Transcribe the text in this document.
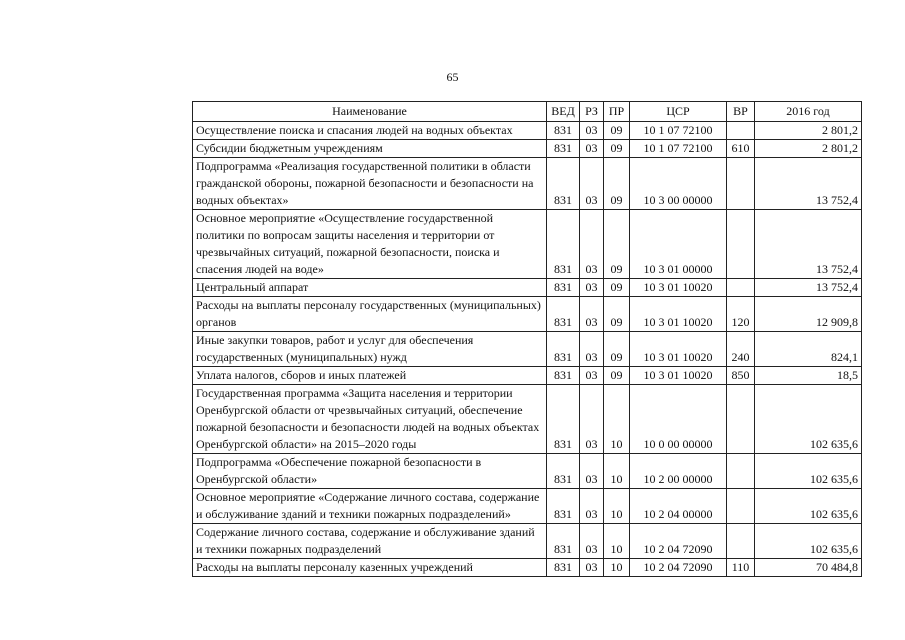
65
Наименование	ВЕД	РЗ	ПР	ЦСР	ВР	2016 год
Осуществление поиска и спасания людей на водных объектах	831	03	09	10 1 07 72100		2 801,2
Субсидии бюджетным учреждениям	831	03	09	10 1 07 72100	610	2 801,2
Подпрограмма «Реализация государственной политики в области гражданской обороны, пожарной безопасности и безопасности на водных объектах»	831	03	09	10 3 00 00000		13 752,4
Основное мероприятие «Осуществление государственной политики по вопросам защиты населения и территории от чрезвычайных ситуаций, пожарной безопасности, поиска и спасения людей на воде»	831	03	09	10 3 01 00000		13 752,4
Центральный аппарат	831	03	09	10 3 01 10020		13 752,4
Расходы на выплаты персоналу государственных (муниципальных) органов	831	03	09	10 3 01 10020	120	12 909,8
Иные закупки товаров, работ и услуг для обеспечения государственных (муниципальных) нужд	831	03	09	10 3 01 10020	240	824,1
Уплата налогов, сборов и иных платежей	831	03	09	10 3 01 10020	850	18,5
Государственная программа «Защита населения и территории Оренбургской области от чрезвычайных ситуаций, обеспечение пожарной безопасности и безопасности людей на водных объектах Оренбургской области» на 2015–2020 годы	831	03	10	10 0 00 00000		102 635,6
Подпрограмма «Обеспечение пожарной безопасности в Оренбургской области»	831	03	10	10 2 00 00000		102 635,6
Основное мероприятие «Содержание личного состава, содержание и обслуживание зданий и техники пожарных подразделений»	831	03	10	10 2 04 00000		102 635,6
Содержание личного состава, содержание и обслуживание зданий и техники пожарных подразделений	831	03	10	10 2 04 72090		102 635,6
Расходы на выплаты персоналу казенных учреждений	831	03	10	10 2 04 72090	110	70 484,8
